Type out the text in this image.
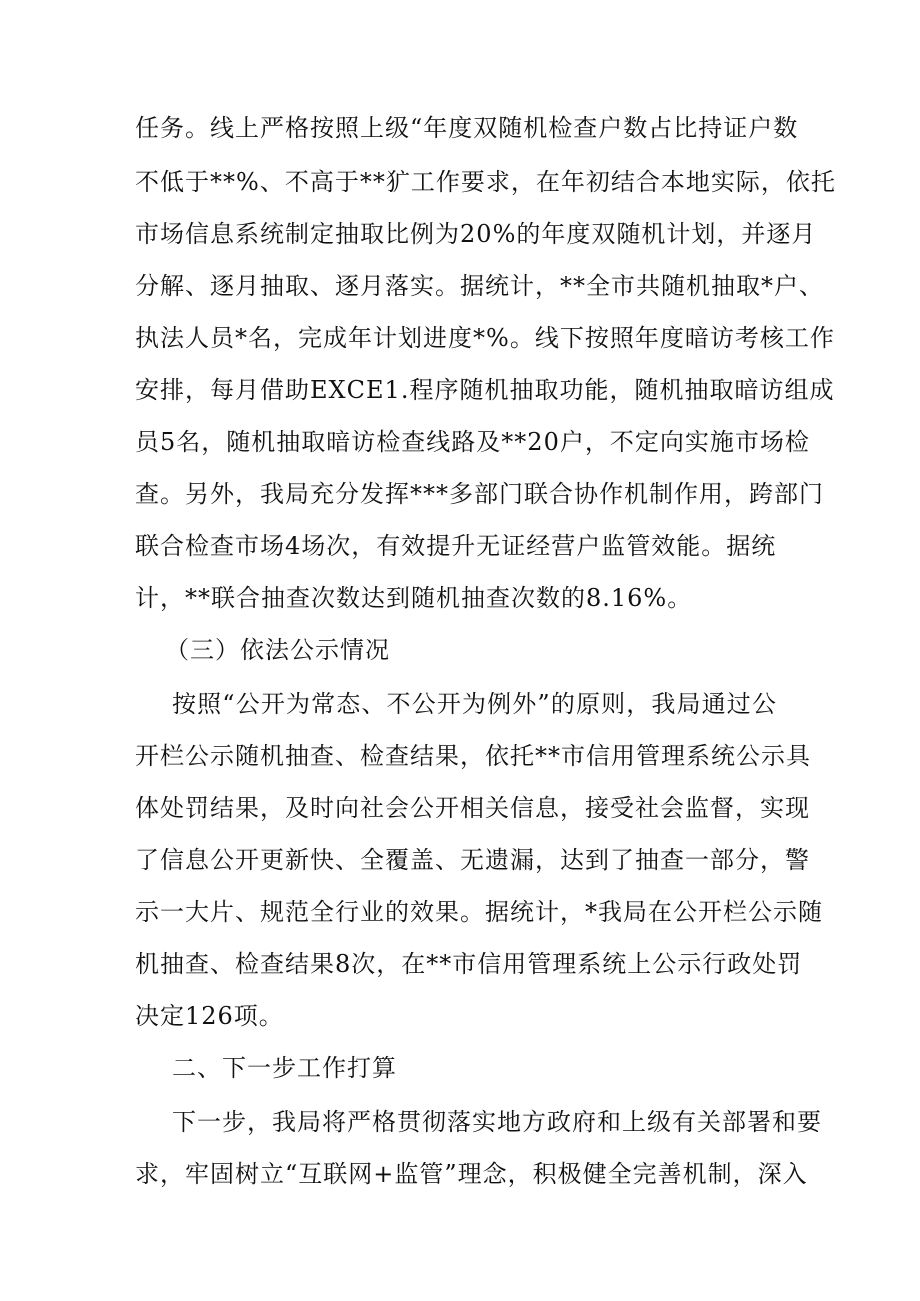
任 务 。 线 上 严 格 按 照 上 级 “ 年 度 双 随 机 检 查 户 数 占 比 持 证 户 数
不 低 于 * * % 、 不 高 于 * * 犷 工 作 要 求 ， 在 年 初 结 合 本 地 实 际 ， 依 托
市 场 信 息 系 统 制 定 抽 取 比 例 为 2 0 % 的 年 度 双 随 机 计 划 ， 并 逐 月
分 解 、 逐 月 抽 取 、 逐 月 落 实 。 据 统 计 ， * * 全 市 共 随 机 抽 取 * 户 、
执 法 人 员 * 名 ， 完 成 年 计 划 进 度 * % 。 线 下 按 照 年 度 暗 访 考 核 工 作
安 排 ， 每 月 借 助 E X C E 1 . 程 序 随 机 抽 取 功 能 ， 随 机 抽 取 暗 访 组 成
员 5 名 ， 随 机 抽 取 暗 访 检 查 线 路 及 * * 2 0 户 ， 不 定 向 实 施 市 场 检
查 。 另 外 ， 我 局 充 分 发 挥 * * * 多 部 门 联 合 协 作 机 制 作 用 ， 跨 部 门
联 合 检 查 市 场 4 场 次 ， 有 效 提 升 无 证 经 营 户 监 管 效 能 。 据 统
计，**联合抽查次数达到随机抽查次数的8.16%。
（三）依法公示情况
按 照 “ 公 开 为 常 态 、 不 公 开 为 例 外 ” 的 原 则 ， 我 局 通 过 公
开 栏 公 示 随 机 抽 查 、 检 查 结 果 ， 依 托 * * 市 信 用 管 理 系 统 公 示 具
体 处 罚 结 果 ， 及 时 向 社 会 公 开 相 关 信 息 ， 接 受 社 会 监 督 ， 实 现
了 信 息 公 开 更 新 快 、 全 覆 盖 、 无 遗 漏 ， 达 到 了 抽 查 一 部 分 ， 警
示 一 大 片 、 规 范 全 行 业 的 效 果 。 据 统 计 ， * 我 局 在 公 开 栏 公 示 随
机 抽 查 、 检 查 结 果 8 次 ， 在 * * 市 信 用 管 理 系 统 上 公 示 行 政 处 罚
决定126项。
二、下一步工作打算
下 一 步 ， 我 局 将 严 格 贯 彻 落 实 地 方 政 府 和 上 级 有 关 部 署 和 要
求 ， 牢 固 树 立 “ 互 联 网 + 监 管 ” 理 念 ， 积 极 健 全 完 善 机 制 ， 深 入
